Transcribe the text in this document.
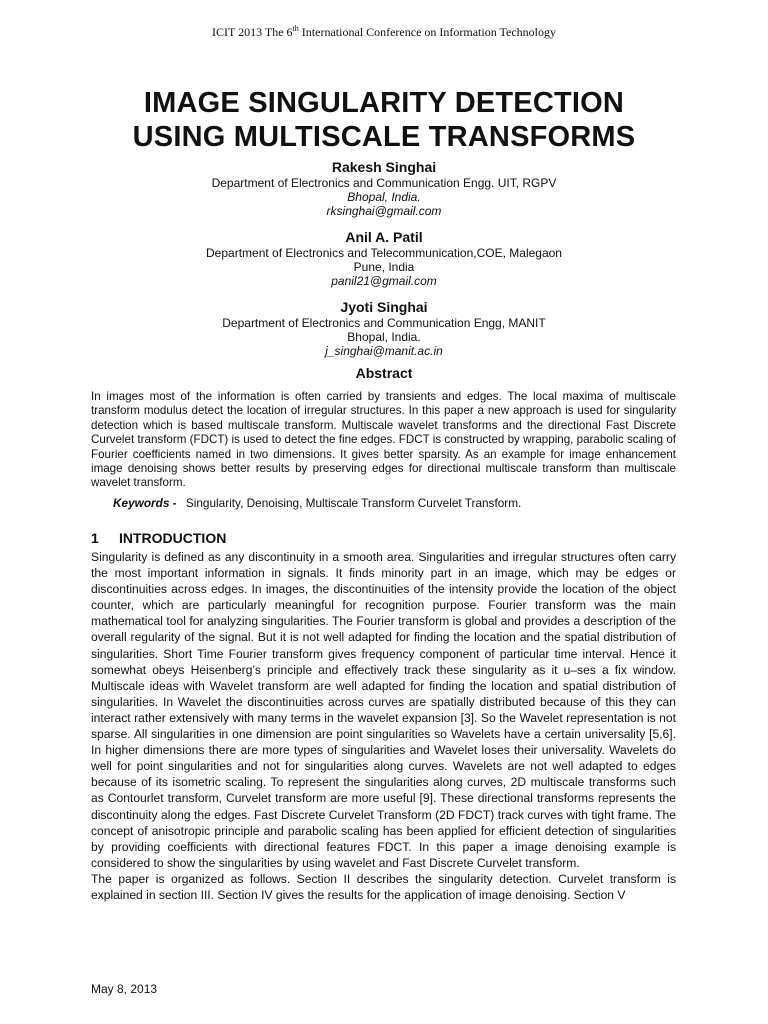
ICIT 2013 The 6th International Conference on Information Technology
IMAGE SINGULARITY DETECTION
USING MULTISCALE TRANSFORMS
Rakesh Singhai
Department of Electronics and Communication Engg. UIT, RGPV
Bhopal, India.
rksinghai@gmail.com
Anil A. Patil
Department of Electronics and Telecommunication,COE, Malegaon
Pune, India
panil21@gmail.com
Jyoti Singhai
Department of Electronics and Communication Engg, MANIT
Bhopal, India.
j_singhai@manit.ac.in
Abstract
In images most of the information is often carried by transients and edges. The local maxima of multiscale transform modulus detect the location of irregular structures. In this paper a new approach is used for singularity detection which is based multiscale transform. Multiscale wavelet transforms and the directional Fast Discrete Curvelet transform (FDCT) is used to detect the fine edges. FDCT is constructed by wrapping, parabolic scaling of Fourier coefficients named in two dimensions. It gives better sparsity. As an example for image enhancement image denoising shows better results by preserving edges for directional multiscale transform than multiscale wavelet transform.
Keywords - Singularity, Denoising, Multiscale Transform Curvelet Transform.
1 INTRODUCTION

Singularity is defined as any discontinuity in a smooth area. Singularities and irregular structures often carry the most important information in signals. It finds minority part in an image, which may be edges or discontinuities across edges. In images, the discontinuities of the intensity provide the location of the object counter, which are particularly meaningful for recognition purpose. Fourier transform was the main mathematical tool for analyzing singularities. The Fourier transform is global and provides a description of the overall regularity of the signal. But it is not well adapted for finding the location and the spatial distribution of singularities. Short Time Fourier transform gives frequency component of particular time interval. Hence it somewhat obeys Heisenberg’s principle and effectively track these singularity as it u–ses a fix window. Multiscale ideas with Wavelet transform are well adapted for finding the location and spatial distribution of singularities. In Wavelet the discontinuities across curves are spatially distributed because of this they can interact rather extensively with many terms in the wavelet expansion [3]. So the Wavelet representation is not sparse. All singularities in one dimension are point singularities so Wavelets have a certain universality [5,6]. In higher dimensions there are more types of singularities and Wavelet loses their universality. Wavelets do well for point singularities and not for singularities along curves. Wavelets are not well adapted to edges because of its isometric scaling. To represent the singularities along curves, 2D multiscale transforms such as Contourlet transform, Curvelet transform are more useful [9]. These directional transforms represents the discontinuity along the edges. Fast Discrete Curvelet Transform (2D FDCT) track curves with tight frame. The concept of anisotropic principle and parabolic scaling has been applied for efficient detection of singularities by providing coefficients with directional features FDCT. In this paper a image denoising example is considered to show the singularities by using wavelet and Fast Discrete Curvelet transform.

The paper is organized as follows. Section II describes the singularity detection. Curvelet transform is explained in section III. Section IV gives the results for the application of image denoising. Section V

May 8, 2013
